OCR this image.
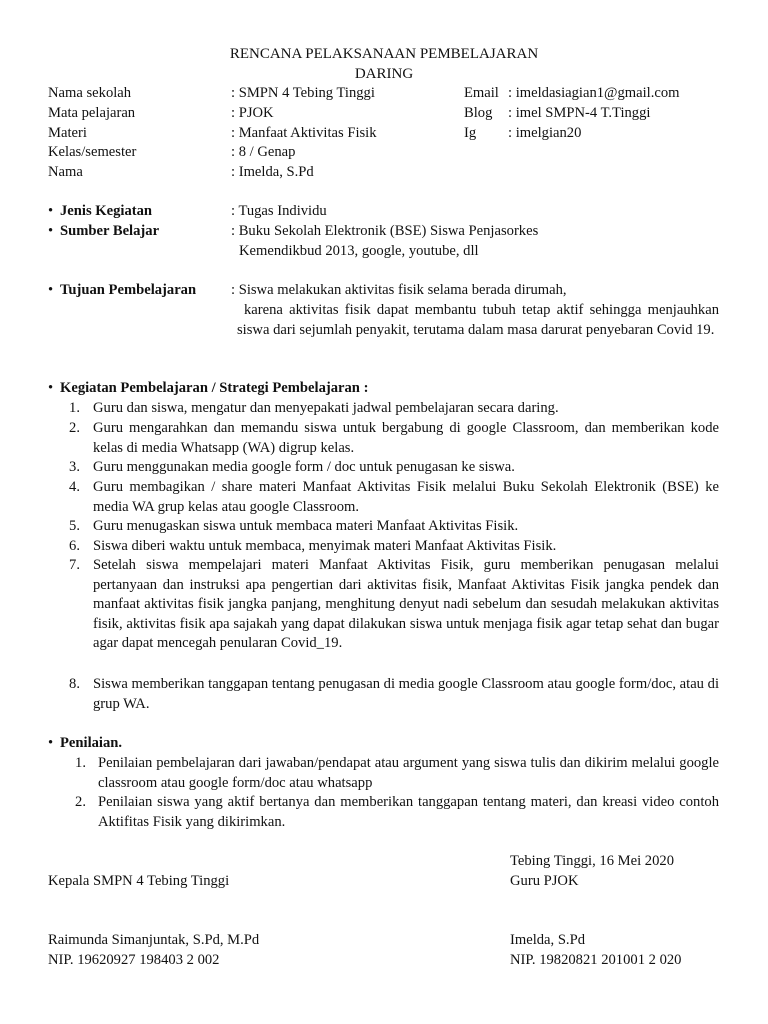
RENCANA PELAKSANAAN PEMBELAJARAN
DARING
Nama sekolah	: SMPN 4 Tebing Tinggi
Mata pelajaran	: PJOK
Materi	: Manfaat Aktivitas Fisik
Kelas/semester	: 8 / Genap
Nama	: Imelda, S.Pd
Email : imeldasiagian1@gmail.com
Blog : imel SMPN-4 T.Tinggi
Ig : imelgian20
• Jenis Kegiatan	: Tugas Individu
• Sumber Belajar	: Buku Sekolah Elektronik (BSE) Siswa Penjasorkes
Kemendikbud 2013, google, youtube, dll
• Tujuan Pembelajaran : Siswa melakukan aktivitas fisik selama berada dirumah,
karena aktivitas fisik dapat membantu tubuh tetap aktif sehingga menjauhkan siswa dari sejumlah penyakit, terutama dalam masa darurat penyebaran Covid 19.
• Kegiatan Pembelajaran / Strategi Pembelajaran :
1. Guru dan siswa, mengatur dan menyepakati jadwal pembelajaran secara daring.
2. Guru mengarahkan dan memandu siswa untuk bergabung di google Classroom, dan memberikan kode kelas di media Whatsapp (WA) digrup kelas.
3. Guru menggunakan media google form / doc untuk penugasan ke siswa.
4. Guru membagikan / share materi Manfaat Aktivitas Fisik melalui Buku Sekolah Elektronik (BSE) ke media WA grup kelas atau google Classroom.
5. Guru menugaskan siswa untuk membaca materi Manfaat Aktivitas Fisik.
6. Siswa diberi waktu untuk membaca, menyimak materi Manfaat Aktivitas Fisik.
7. Setelah siswa mempelajari materi Manfaat Aktivitas Fisik, guru memberikan penugasan melalui pertanyaan dan instruksi apa pengertian dari aktivitas fisik, Manfaat Aktivitas Fisik jangka pendek dan manfaat aktivitas fisik jangka panjang, menghitung denyut nadi sebelum dan sesudah melakukan aktivitas fisik, aktivitas fisik apa sajakah yang dapat dilakukan siswa untuk menjaga fisik agar tetap sehat dan bugar agar dapat mencegah penularan Covid_19.
8. Siswa memberikan tanggapan tentang penugasan di media google Classroom atau google form/doc, atau di grup WA.
• Penilaian.
1. Penilaian pembelajaran dari jawaban/pendapat atau argument yang siswa tulis dan dikirim melalui google classroom atau google form/doc atau whatsapp
2. Penilaian siswa yang aktif bertanya dan memberikan tanggapan tentang materi, dan kreasi video contoh Aktifitas Fisik yang dikirimkan.
Tebing Tinggi, 16 Mei 2020
Kepala SMPN 4 Tebing Tinggi	Guru PJOK
Raimunda Simanjuntak, S.Pd, M.Pd	Imelda, S.Pd
NIP. 19620927 198403 2 002	NIP. 19820821 201001 2 020
